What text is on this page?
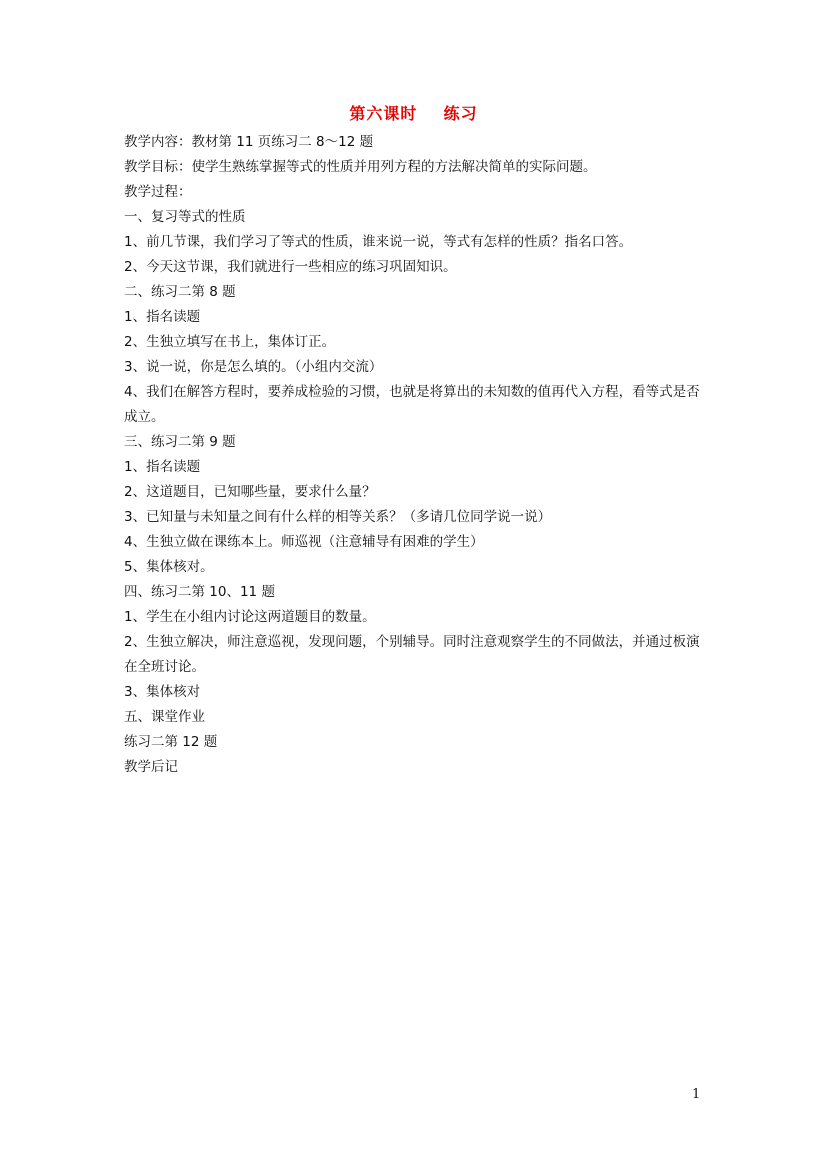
第六课时    练习

教学内容：教材第 11 页练习二 8～12 题

教学目标：使学生熟练掌握等式的性质并用列方程的方法解决简单的实际问题。

教学过程：

一、复习等式的性质

1、前几节课，我们学习了等式的性质，谁来说一说，等式有怎样的性质？指名口答。

2、今天这节课，我们就进行一些相应的练习巩固知识。

二、练习二第 8 题

1、指名读题

2、生独立填写在书上，集体订正。

3、说一说，你是怎么填的。（小组内交流）

4、我们在解答方程时，要养成检验的习惯，也就是将算出的未知数的值再代入方程，看等式是否成立。

三、练习二第 9 题

1、指名读题

2、这道题目，已知哪些量，要求什么量？

3、已知量与未知量之间有什么样的相等关系？（多请几位同学说一说）

4、生独立做在课练本上。师巡视（注意辅导有困难的学生）

5、集体核对。

四、练习二第 10、11 题

1、学生在小组内讨论这两道题目的数量。

2、生独立解决，师注意巡视，发现问题，个别辅导。同时注意观察学生的不同做法，并通过板演在全班讨论。

3、集体核对

五、课堂作业

练习二第 12 题

教学后记

1
